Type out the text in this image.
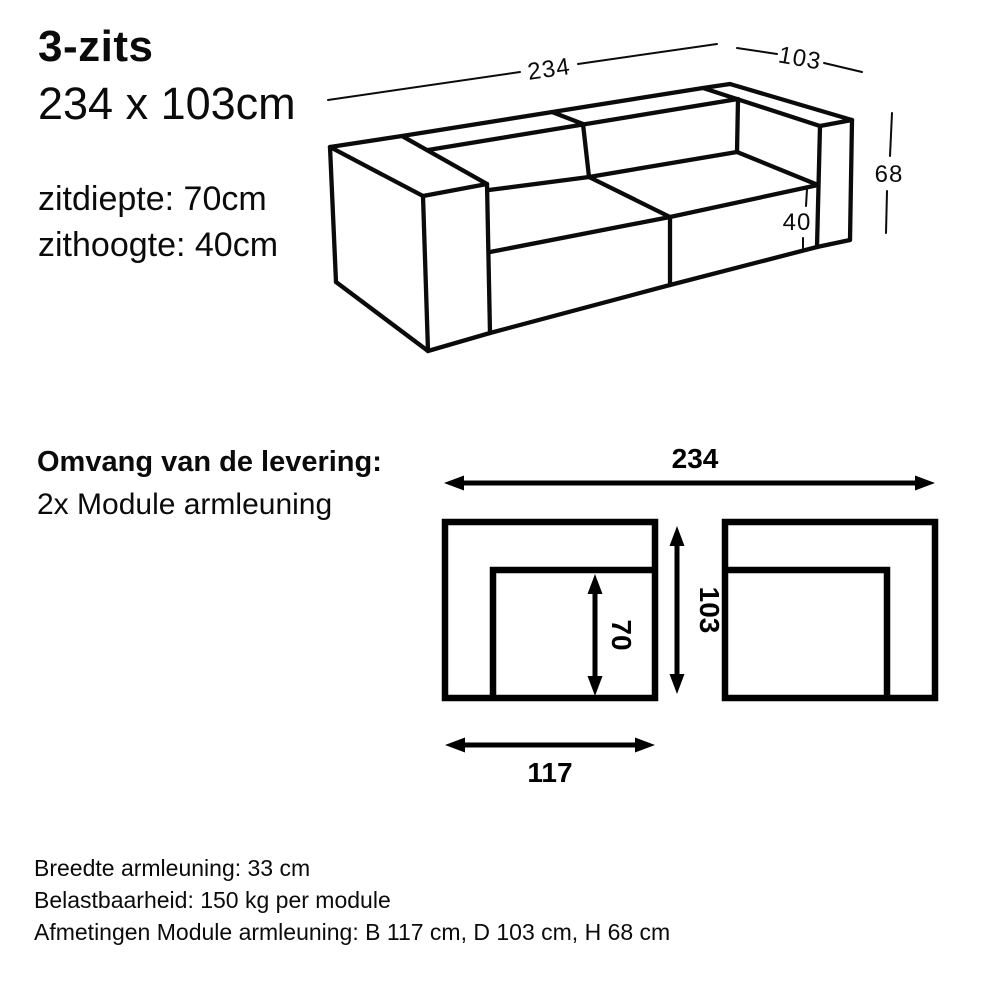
3-zits
234 x 103cm
zitdiepte: 70cm
zithoogte: 40cm
234	103
68
40
Omvang van de levering:
2x Module armleuning
234
70
103
117
Breedte armleuning: 33 cm
Belastbaarheid: 150 kg per module
Afmetingen Module armleuning: B 117 cm, D 103 cm, H 68 cm
